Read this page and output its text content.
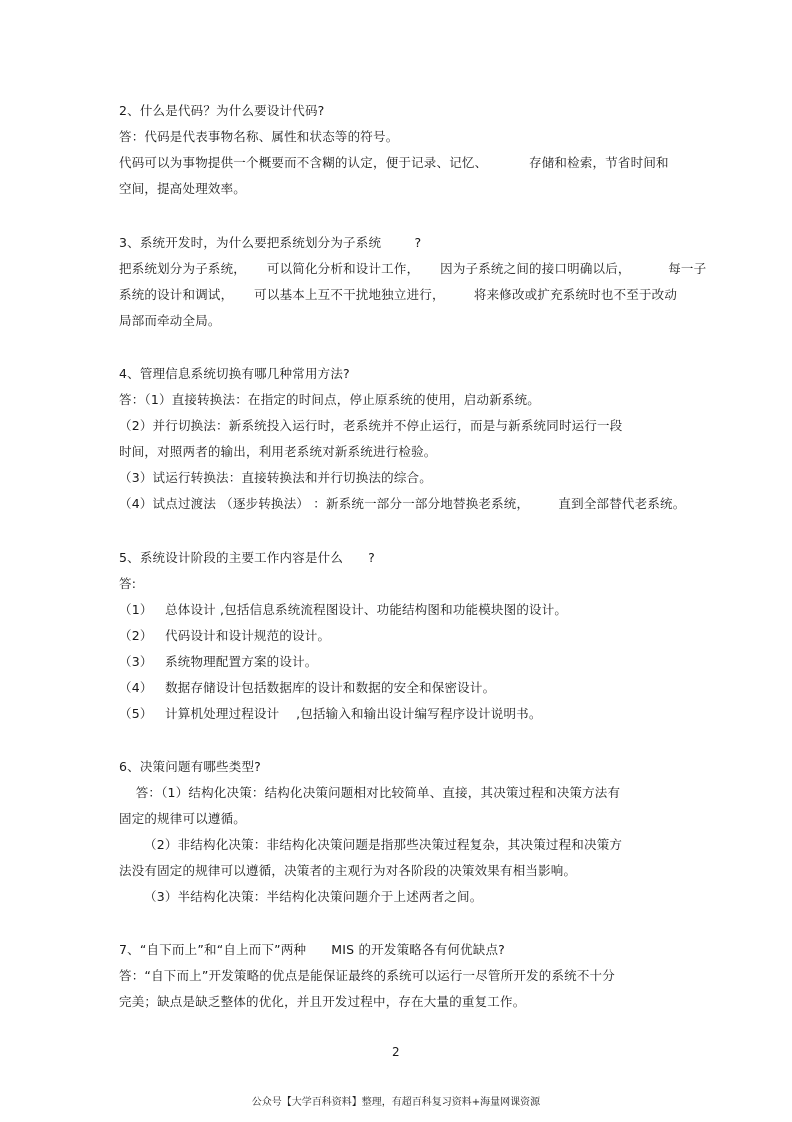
2、什么是代码？为什么要设计代码?
答：代码是代表事物名称、属性和状态等的符号。
代码可以为事物提供一个概要而不含糊的认定，便于记录、记忆、          存储和检索，节省时间和
空间，提高处理效率。
3、系统开发时，为什么要把系统划分为子系统        ?
把系统划分为子系统，     可以简化分析和设计工作，     因为子系统之间的接口明确以后，         每一子
系统的设计和调试，     可以基本上互不干扰地独立进行，       将来修改或扩充系统时也不至于改动
局部而牵动全局。
4、管理信息系统切换有哪几种常用方法?
答：（1）直接转换法：在指定的时间点，停止原系统的使用，启动新系统。
（2）并行切换法：新系统投入运行时，老系统并不停止运行，而是与新系统同时运行一段
时间，对照两者的输出，利用老系统对新系统进行检验。
（3）试运行转换法：直接转换法和并行切换法的综合。
（4）试点过渡法 （逐步转换法） ：新系统一部分一部分地替换老系统，       直到全部替代老系统。
5、系统设计阶段的主要工作内容是什么      ?
答:
（1）   总体设计 ,包括信息系统流程图设计、功能结构图和功能模块图的设计。
（2）   代码设计和设计规范的设计。
（3）   系统物理配置方案的设计。
（4）   数据存储设计包括数据库的设计和数据的安全和保密设计。
（5）   计算机处理过程设计    ,包括输入和输出设计编写程序设计说明书。
6、决策问题有哪些类型?
答：（1）结构化决策：结构化决策问题相对比较简单、直接，其决策过程和决策方法有
固定的规律可以遵循。
（2）非结构化决策：非结构化决策问题是指那些决策过程复杂，其决策过程和决策方
法没有固定的规律可以遵循，决策者的主观行为对各阶段的决策效果有相当影响。
（3）半结构化决策：半结构化决策问题介于上述两者之间。
7、“自下而上”和“自上而下”两种      MIS 的开发策略各有何优缺点?
答：“自下而上”开发策略的优点是能保证最终的系统可以运行一尽管所开发的系统不十分
完美；缺点是缺乏整体的优化，并且开发过程中，存在大量的重复工作。
2
公众号【大学百科资料】整理，有超百科复习资料+海量网课资源
